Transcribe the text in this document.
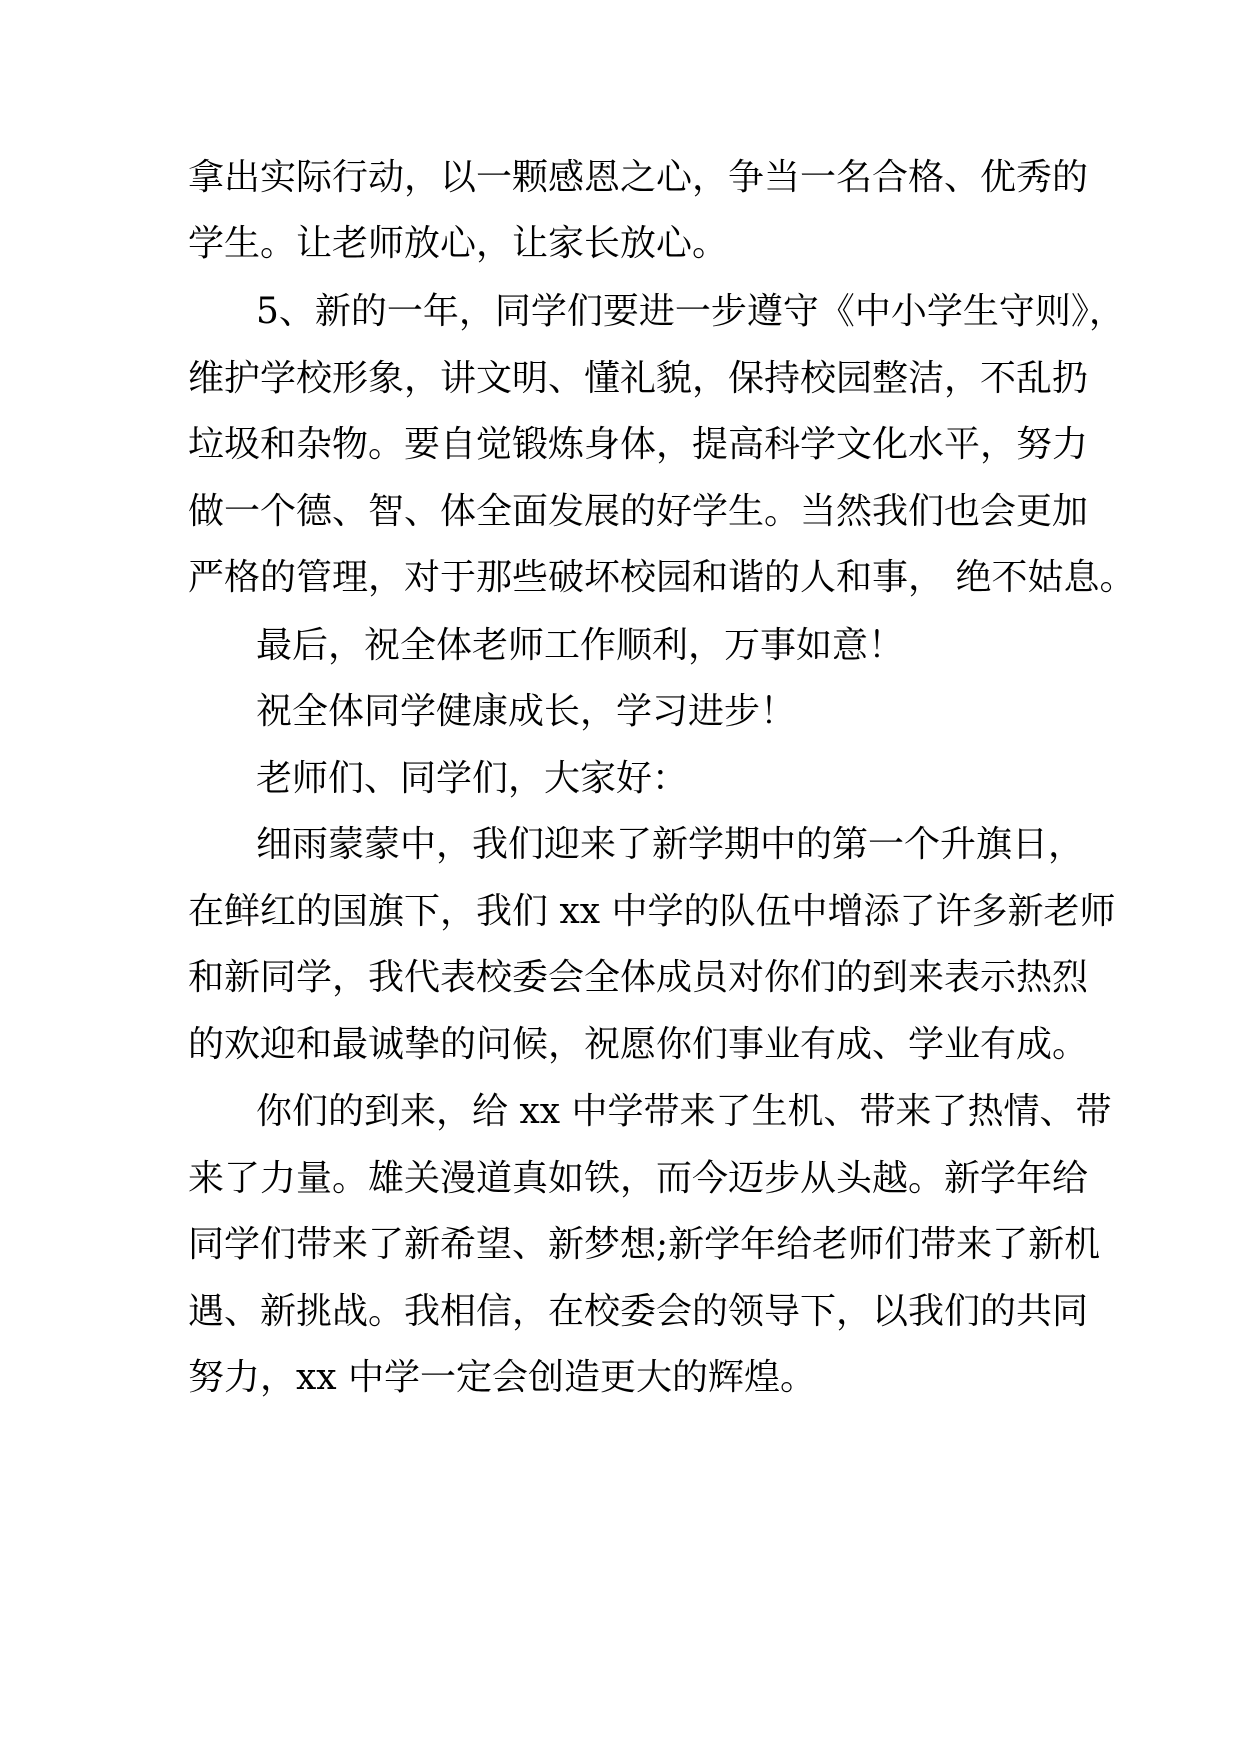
拿出实际行动，以一颗感恩之心，争当一名合格、优秀的
学生。让老师放心，让家长放心。
5、新的一年，同学们要进一步遵守《中小学生守则》，
维护学校形象，讲文明、懂礼貌，保持校园整洁，不乱扔
垃圾和杂物。要自觉锻炼身体，提高科学文化水平，努力
做一个德、智、体全面发展的好学生。当然我们也会更加
严格的管理，对于那些破坏校园和谐的人和事， 绝不姑息。
最后，祝全体老师工作顺利，万事如意！
祝全体同学健康成长，学习进步！
老师们、同学们，大家好：
细雨蒙蒙中，我们迎来了新学期中的第一个升旗日，
在鲜红的国旗下，我们 xx 中学的队伍中增添了许多新老师
和新同学，我代表校委会全体成员对你们的到来表示热烈
的欢迎和最诚挚的问候，祝愿你们事业有成、学业有成。
你们的到来，给 xx 中学带来了生机、带来了热情、带
来了力量。雄关漫道真如铁，而今迈步从头越。新学年给
同学们带来了新希望、新梦想;新学年给老师们带来了新机
遇、新挑战。我相信，在校委会的领导下，以我们的共同
努力，xx 中学一定会创造更大的辉煌。
